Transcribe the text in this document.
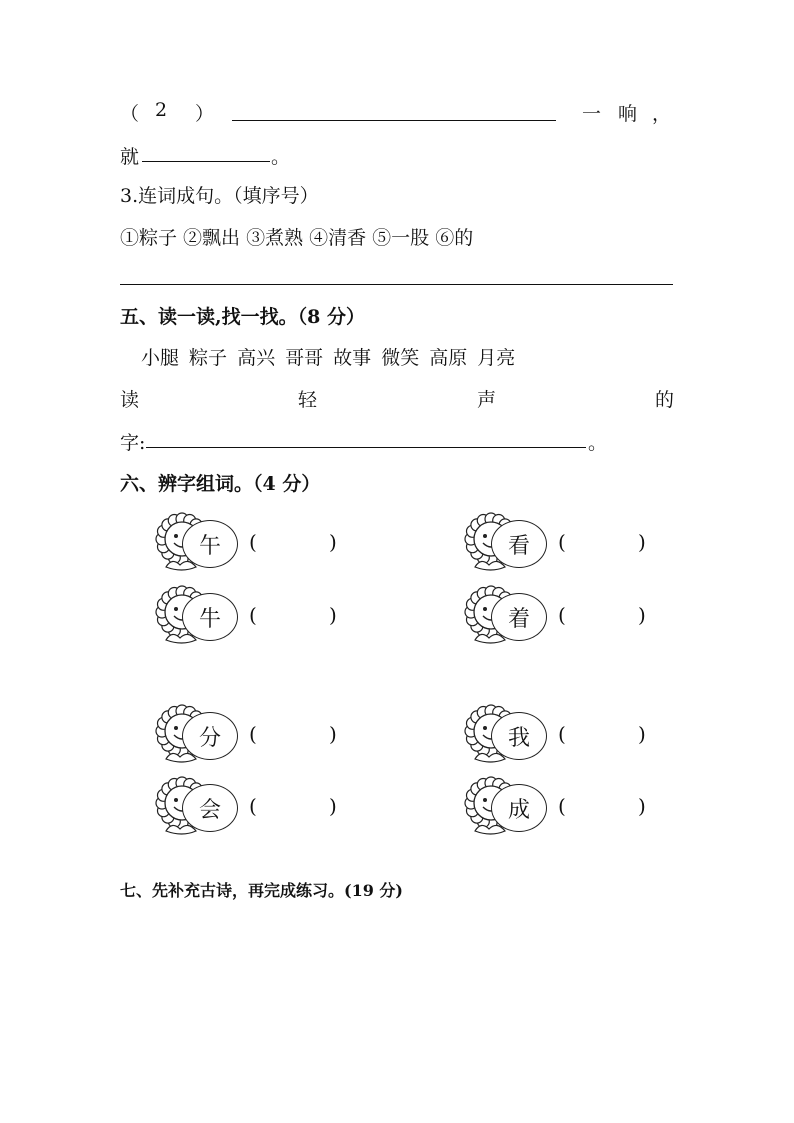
（ 2 ）	一 响 ，
就	。
3.连词成句。（填序号）
①粽子 ②飘出 ③煮熟 ④清香 ⑤一股 ⑥的
五、读一读,找一找。（8 分）
小腿 粽子 高兴 哥哥 故事 微笑 高原 月亮
读	轻	声	的
字:	。
六、辨字组词。（4 分）
午	(	)	看	(	)
牛	(	)	着	(	)
分	(	)	我	(	)
会	(	)	成	(	)
七、先补充古诗，再完成练习。(19 分)
